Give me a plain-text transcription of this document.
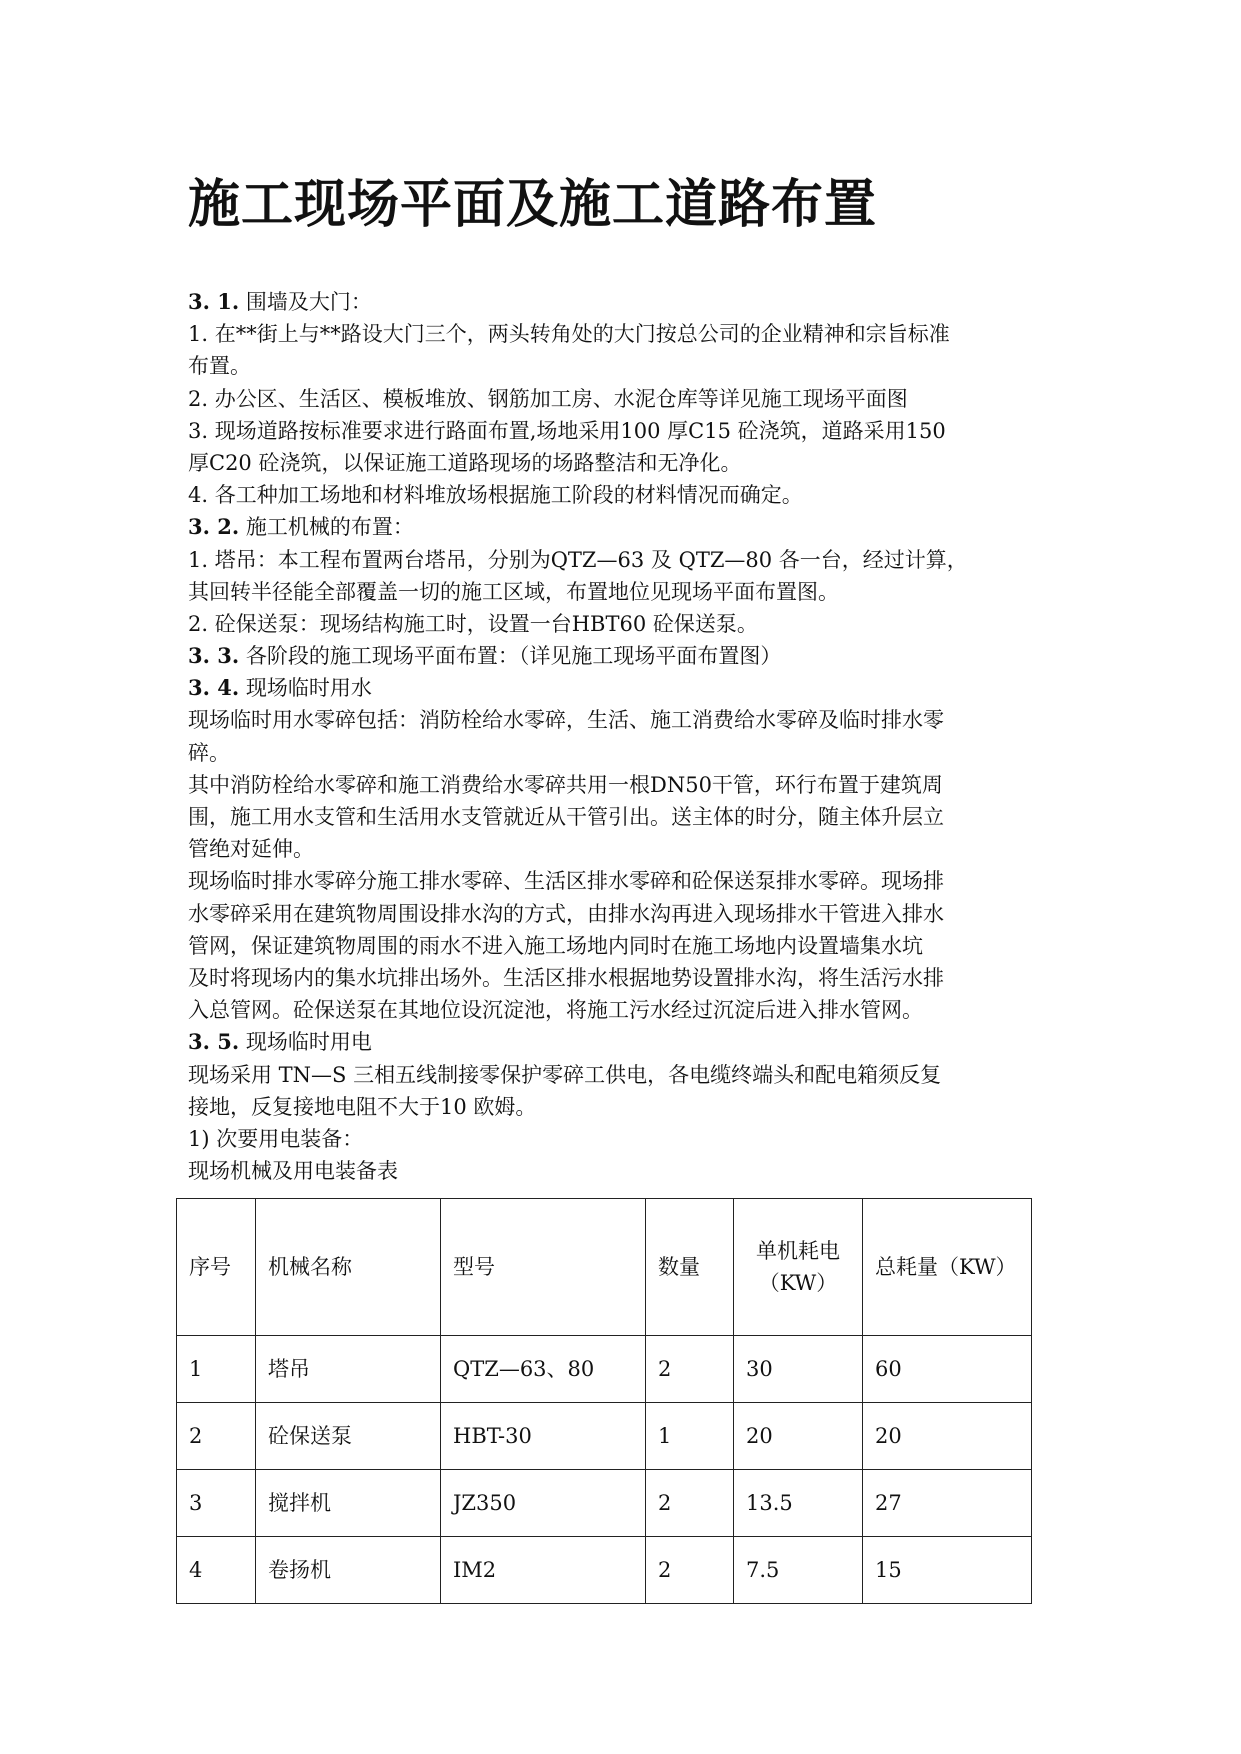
施工现场平面及施工道路布置
3. 1. 围墙及大门：
1. 在**街上与**路设大门三个，两头转角处的大门按总公司的企业精神和宗旨标准
布置。
2. 办公区、生活区、模板堆放、钢筋加工房、水泥仓库等详见施工现场平面图
3. 现场道路按标准要求进行路面布置,场地采用100 厚C15 砼浇筑，道路采用150
厚C20 砼浇筑，以保证施工道路现场的场路整洁和无净化。
4. 各工种加工场地和材料堆放场根据施工阶段的材料情况而确定。
3. 2. 施工机械的布置：
1. 塔吊：本工程布置两台塔吊，分别为QTZ—63 及 QTZ—80 各一台，经过计算，
其回转半径能全部覆盖一切的施工区域，布置地位见现场平面布置图。
2. 砼保送泵：现场结构施工时，设置一台HBT60 砼保送泵。
3. 3. 各阶段的施工现场平面布置：（详见施工现场平面布置图）
3. 4. 现场临时用水
现场临时用水零碎包括：消防栓给水零碎，生活、施工消费给水零碎及临时排水零
碎。
其中消防栓给水零碎和施工消费给水零碎共用一根DN50干管，环行布置于建筑周
围，施工用水支管和生活用水支管就近从干管引出。送主体的时分，随主体升层立
管绝对延伸。
现场临时排水零碎分施工排水零碎、生活区排水零碎和砼保送泵排水零碎。现场排
水零碎采用在建筑物周围设排水沟的方式，由排水沟再进入现场排水干管进入排水
管网，保证建筑物周围的雨水不进入施工场地内同时在施工场地内设置墙集水坑
及时将现场内的集水坑排出场外。生活区排水根据地势设置排水沟，将生活污水排
入总管网。砼保送泵在其地位设沉淀池，将施工污水经过沉淀后进入排水管网。
3. 5. 现场临时用电
现场采用 TN—S 三相五线制接零保护零碎工供电，各电缆终端头和配电箱须反复
接地，反复接地电阻不大于10 欧姆。
1) 次要用电装备：
现场机械及用电装备表
序号	机械名称	型号	数量	单机耗电（KW）	总耗量（KW）
1	塔吊	QTZ—63、80	2	30	60
2	砼保送泵	HBT-30	1	20	20
3	搅拌机	JZ350	2	13.5	27
4	卷扬机	IM2	2	7.5	15
